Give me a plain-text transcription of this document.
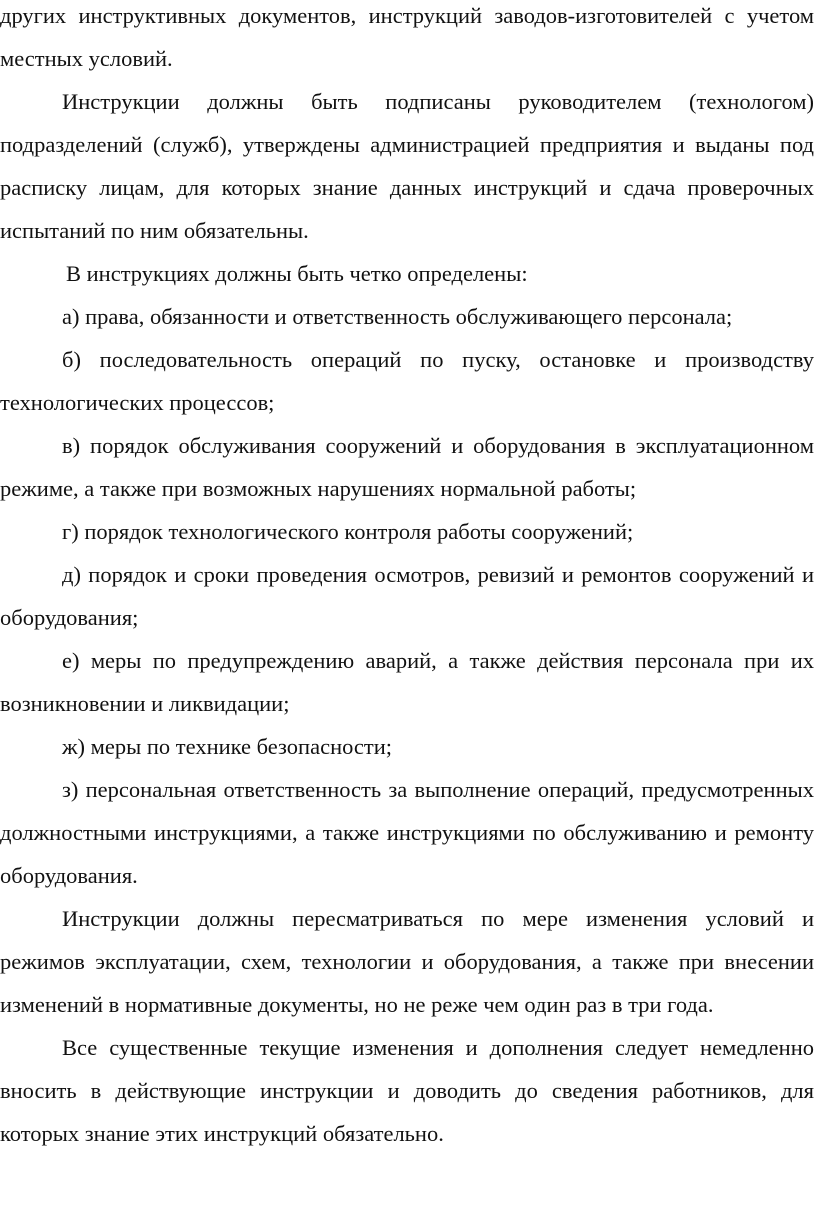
других инструктивных документов, инструкций заводов-изготовителей с учетом местных условий.

Инструкции должны быть подписаны руководителем (технологом) подразделений (служб), утверждены администрацией предприятия и выданы под расписку лицам, для которых знание данных инструкций и сдача проверочных испытаний по ним обязательны.

В инструкциях должны быть четко определены:

а) права, обязанности и ответственность обслуживающего персонала;

б) последовательность операций по пуску, остановке и производству технологических процессов;

в) порядок обслуживания сооружений и оборудования в эксплуатационном режиме, а также при возможных нарушениях нормальной работы;

г) порядок технологического контроля работы сооружений;

д) порядок и сроки проведения осмотров, ревизий и ремонтов сооружений и оборудования;

е) меры по предупреждению аварий, а также действия персонала при их возникновении и ликвидации;

ж) меры по технике безопасности;

з) персональная ответственность за выполнение операций, предусмотренных должностными инструкциями, а также инструкциями по обслуживанию и ремонту оборудования.

Инструкции должны пересматриваться по мере изменения условий и режимов эксплуатации, схем, технологии и оборудования, а также при внесении изменений в нормативные документы, но не реже чем один раз в три года.

Все существенные текущие изменения и дополнения следует немедленно вносить в действующие инструкции и доводить до сведения работников, для которых знание этих инструкций обязательно.
